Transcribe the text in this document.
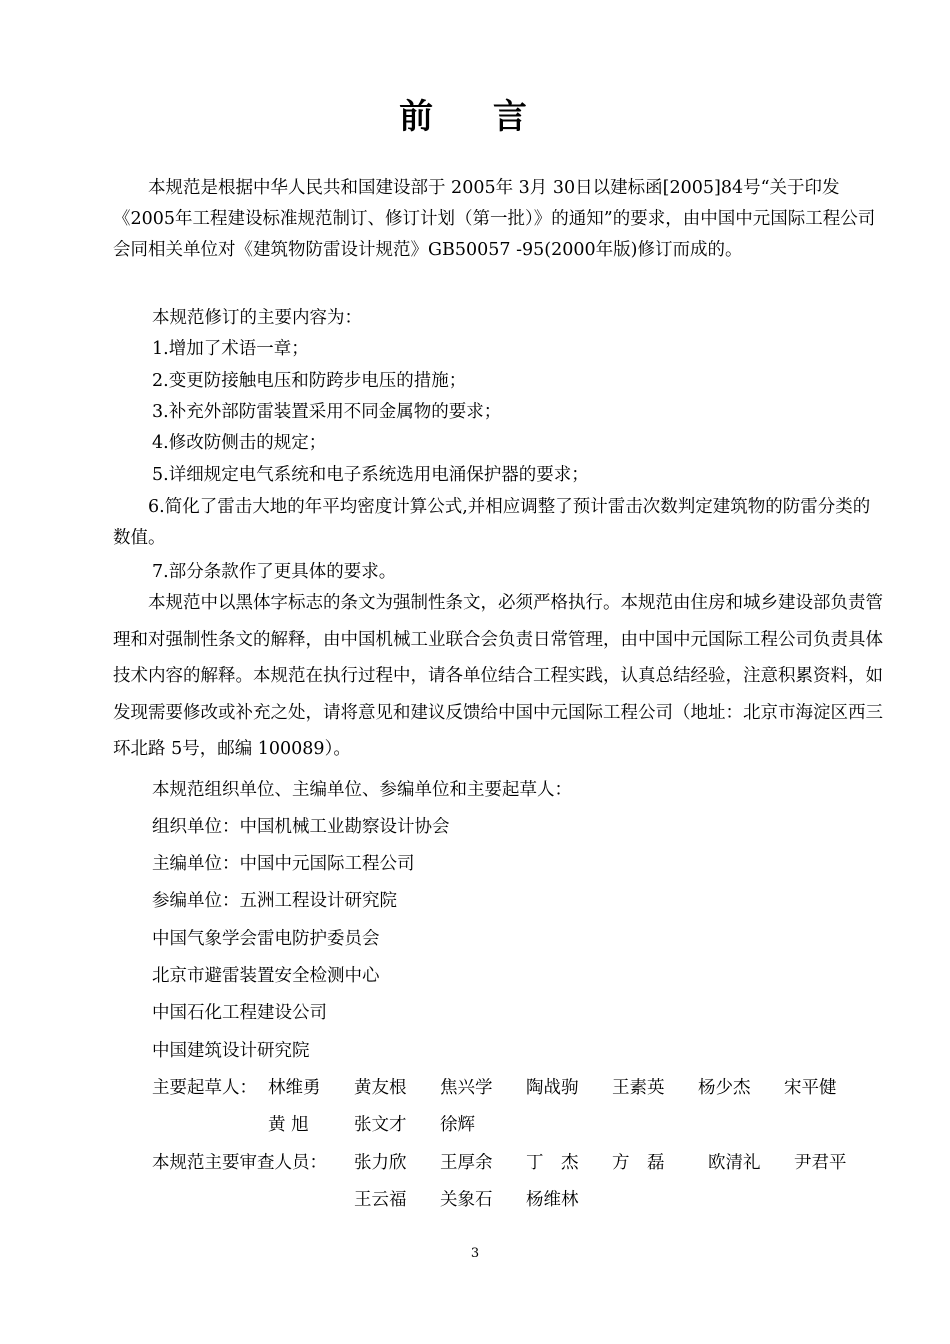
前 言

　　本规范是根据中华人民共和国建设部于 2005年 3月 30日以建标函[2005]84号“关于印发《2005年工程建设标准规范制订、修订计划（第一批）》的通知”的要求，由中国中元国际工程公司会同相关单位对《建筑物防雷设计规范》GB50057 -95(2000年版)修订而成的。

本规范修订的主要内容为：
1.增加了术语一章；
2.变更防接触电压和防跨步电压的措施；
3.补充外部防雷装置采用不同金属物的要求；
4.修改防侧击的规定；
5.详细规定电气系统和电子系统选用电涌保护器的要求；

　　6.简化了雷击大地的年平均密度计算公式,并相应调整了预计雷击次数判定建筑物的防雷分类的数值。

7.部分条款作了更具体的要求。

　　本规范中以黑体字标志的条文为强制性条文，必须严格执行。本规范由住房和城乡建设部负责管理和对强制性条文的解释，由中国机械工业联合会负责日常管理，由中国中元国际工程公司负责具体技术内容的解释。本规范在执行过程中，请各单位结合工程实践，认真总结经验，注意积累资料，如发现需要修改或补充之处，请将意见和建议反馈给中国中元国际工程公司（地址：北京市海淀区西三环北路 5号，邮编 100089）。

本规范组织单位、主编单位、参编单位和主要起草人：
组织单位：中国机械工业勘察设计协会
主编单位：中国中元国际工程公司
参编单位：五洲工程设计研究院
中国气象学会雷电防护委员会
北京市避雷装置安全检测中心
中国石化工程建设公司
中国建筑设计研究院
主要起草人： 林维勇 黄友根 焦兴学 陶战驹 王素英 杨少杰 宋平健
黄 旭	张文才 徐辉
本规范主要审查人员： 张力欣 王厚余 丁　杰 方　磊 欧清礼 尹君平
王云福 关象石 杨维林
3
